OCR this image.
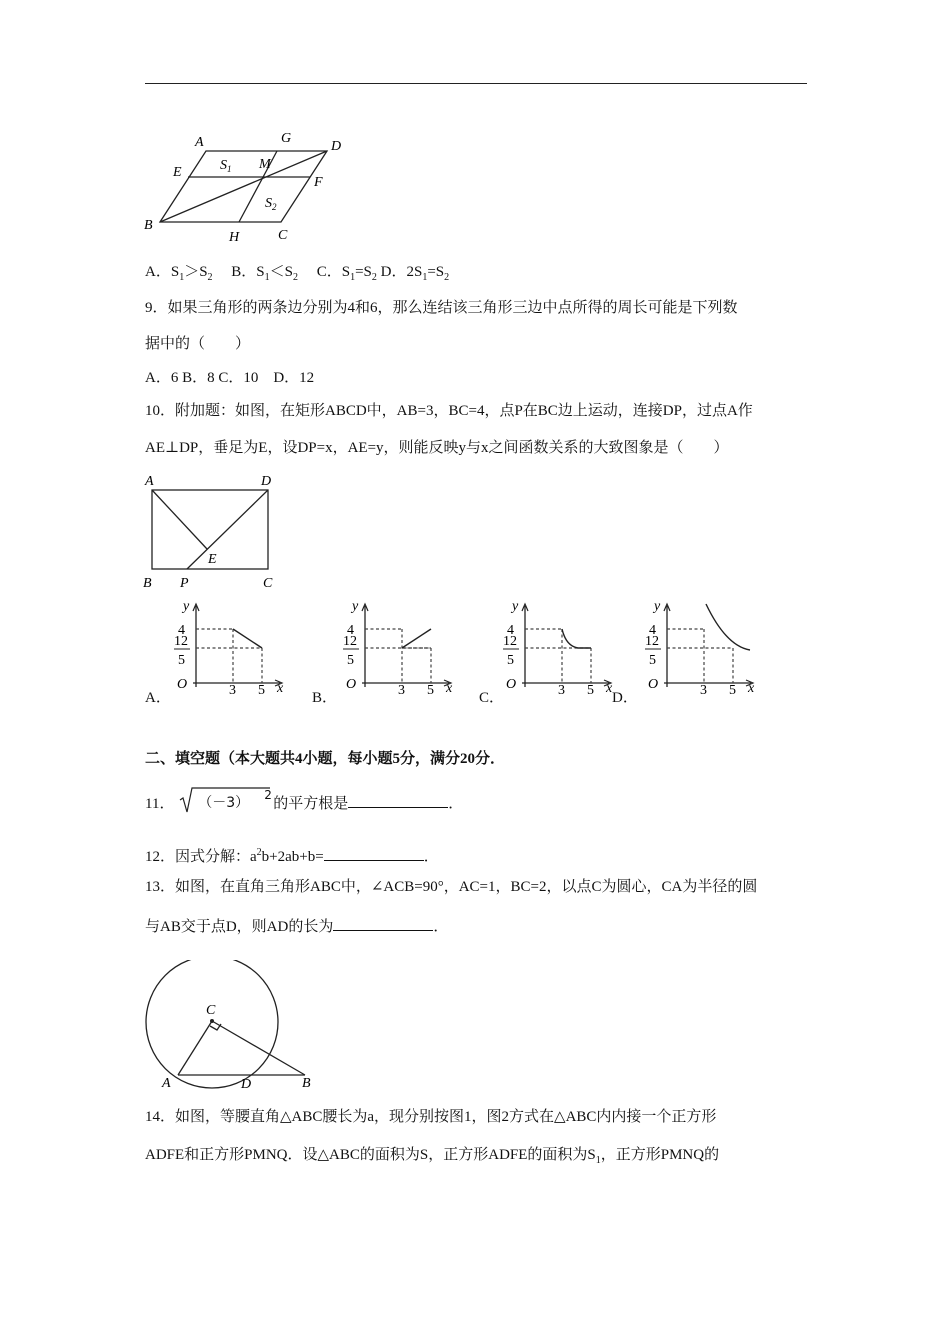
A	G
D
E
M
F
B
H	C
$S_1$
$S_2$
A．$S_1>S_2$ B．$S_1<S_2$ C．$S_1=S_2$ D．$2S_1=S_2$
9．如果三角形的两条边分别为4和6，那么连结该三角形三边中点所得的周长可能是下列数
据中的（　　）
A．6 B．8 C．10　D．12
10．附加题：如图，在矩形ABCD中，AB=3，BC=4，点P在BC边上运动，连接DP，过点A作
AE⊥DP，垂足为E，设DP=x，AE=y，则能反映y与x之间函数关系的大致图象是（　　）
A	D
E
B P	C
A．	B．	C．	D．
y
4
12
5
O	3 5 x
y
4
12
5
O	3 5 x
y
4
12
5
O	3 5 x
y
4
12
5
O	3 5 x
二、填空题（本大题共4小题，每小题5分，满分20分．
11． （－3） 2
的平方根是	．
12．因式分解：$a^2b+2ab+b=$	．
13．如图，在直角三角形ABC中，∠ACB=90°，AC=1，BC=2，以点C为圆心，CA为半径的圆
与AB交于点D，则AD的长为	．
C
A	D	B
14．如图，等腰直角△ABC腰长为a，现分别按图1，图2方式在△ABC内内接一个正方形
ADFE和正方形PMNQ．设△ABC的面积为S，正方形ADFE的面积为$S_1$，正方形PMNQ的
